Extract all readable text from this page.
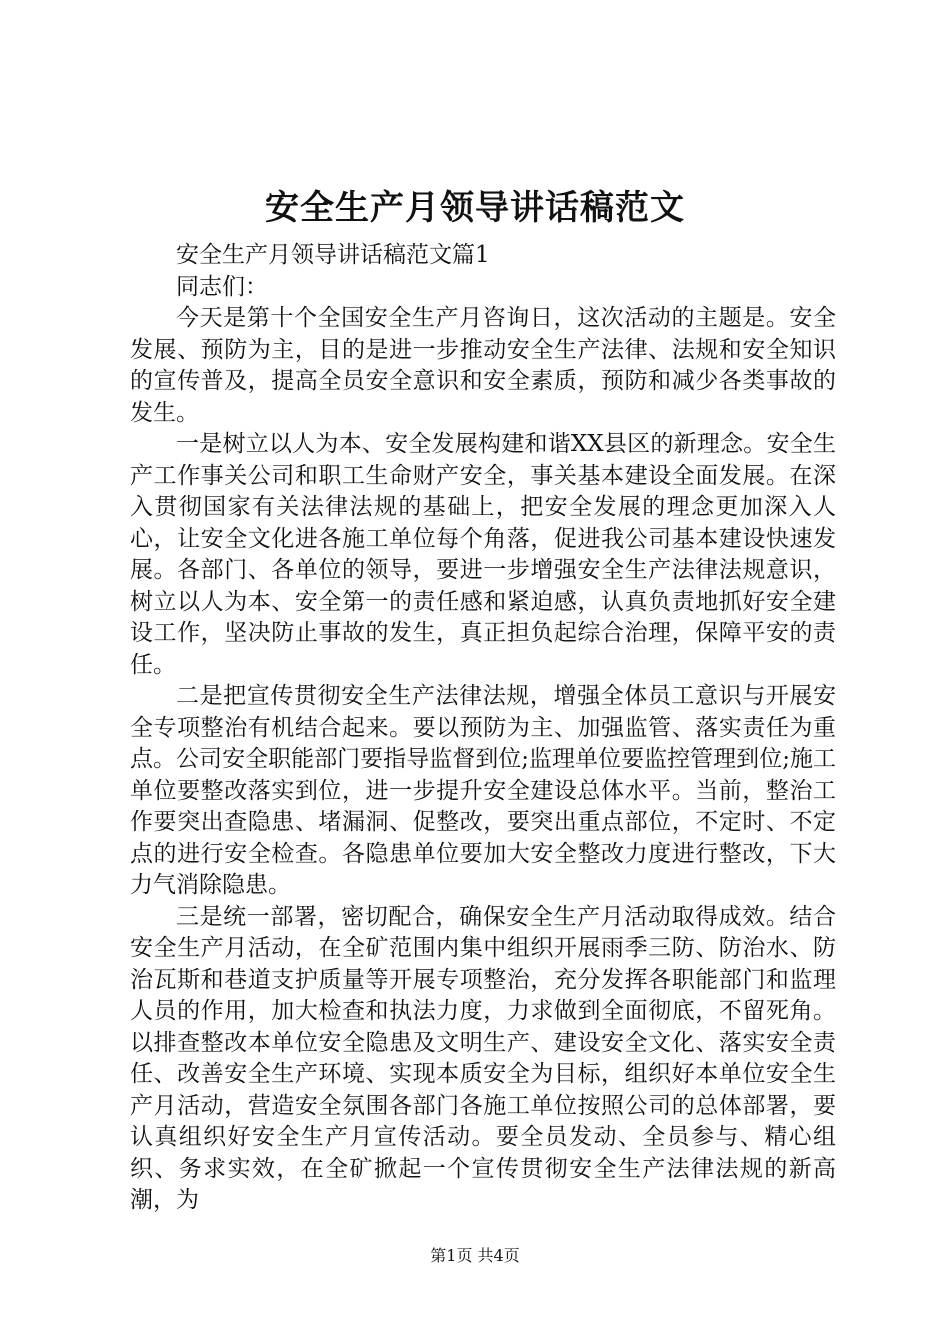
安全生产月领导讲话稿范文

安全生产月领导讲话稿范文篇1

同志们：

今天是第十个全国安全生产月咨询日，这次活动的主题是。安全发展、预防为主，目的是进一步推动安全生产法律、法规和安全知识的宣传普及，提高全员安全意识和安全素质，预防和减少各类事故的发生。

一是树立以人为本、安全发展构建和谐XX县区的新理念。安全生产工作事关公司和职工生命财产安全，事关基本建设全面发展。在深入贯彻国家有关法律法规的基础上，把安全发展的理念更加深入人心，让安全文化进各施工单位每个角落，促进我公司基本建设快速发展。各部门、各单位的领导，要进一步增强安全生产法律法规意识，树立以人为本、安全第一的责任感和紧迫感，认真负责地抓好安全建设工作，坚决防止事故的发生，真正担负起综合治理，保障平安的责任。

二是把宣传贯彻安全生产法律法规，增强全体员工意识与开展安全专项整治有机结合起来。要以预防为主、加强监管、落实责任为重点。公司安全职能部门要指导监督到位;监理单位要监控管理到位;施工单位要整改落实到位，进一步提升安全建设总体水平。当前，整治工作要突出查隐患、堵漏洞、促整改，要突出重点部位，不定时、不定点的进行安全检查。各隐患单位要加大安全整改力度进行整改，下大力气消除隐患。

三是统一部署，密切配合，确保安全生产月活动取得成效。结合安全生产月活动，在全矿范围内集中组织开展雨季三防、防治水、防治瓦斯和巷道支护质量等开展专项整治，充分发挥各职能部门和监理人员的作用，加大检查和执法力度，力求做到全面彻底，不留死角。以排查整改本单位安全隐患及文明生产、建设安全文化、落实安全责任、改善安全生产环境、实现本质安全为目标，组织好本单位安全生产月活动，营造安全氛围各部门各施工单位按照公司的总体部署，要认真组织好安全生产月宣传活动。要全员发动、全员参与、精心组织、务求实效，在全矿掀起一个宣传贯彻安全生产法律法规的新高潮，为

第1页 共4页
